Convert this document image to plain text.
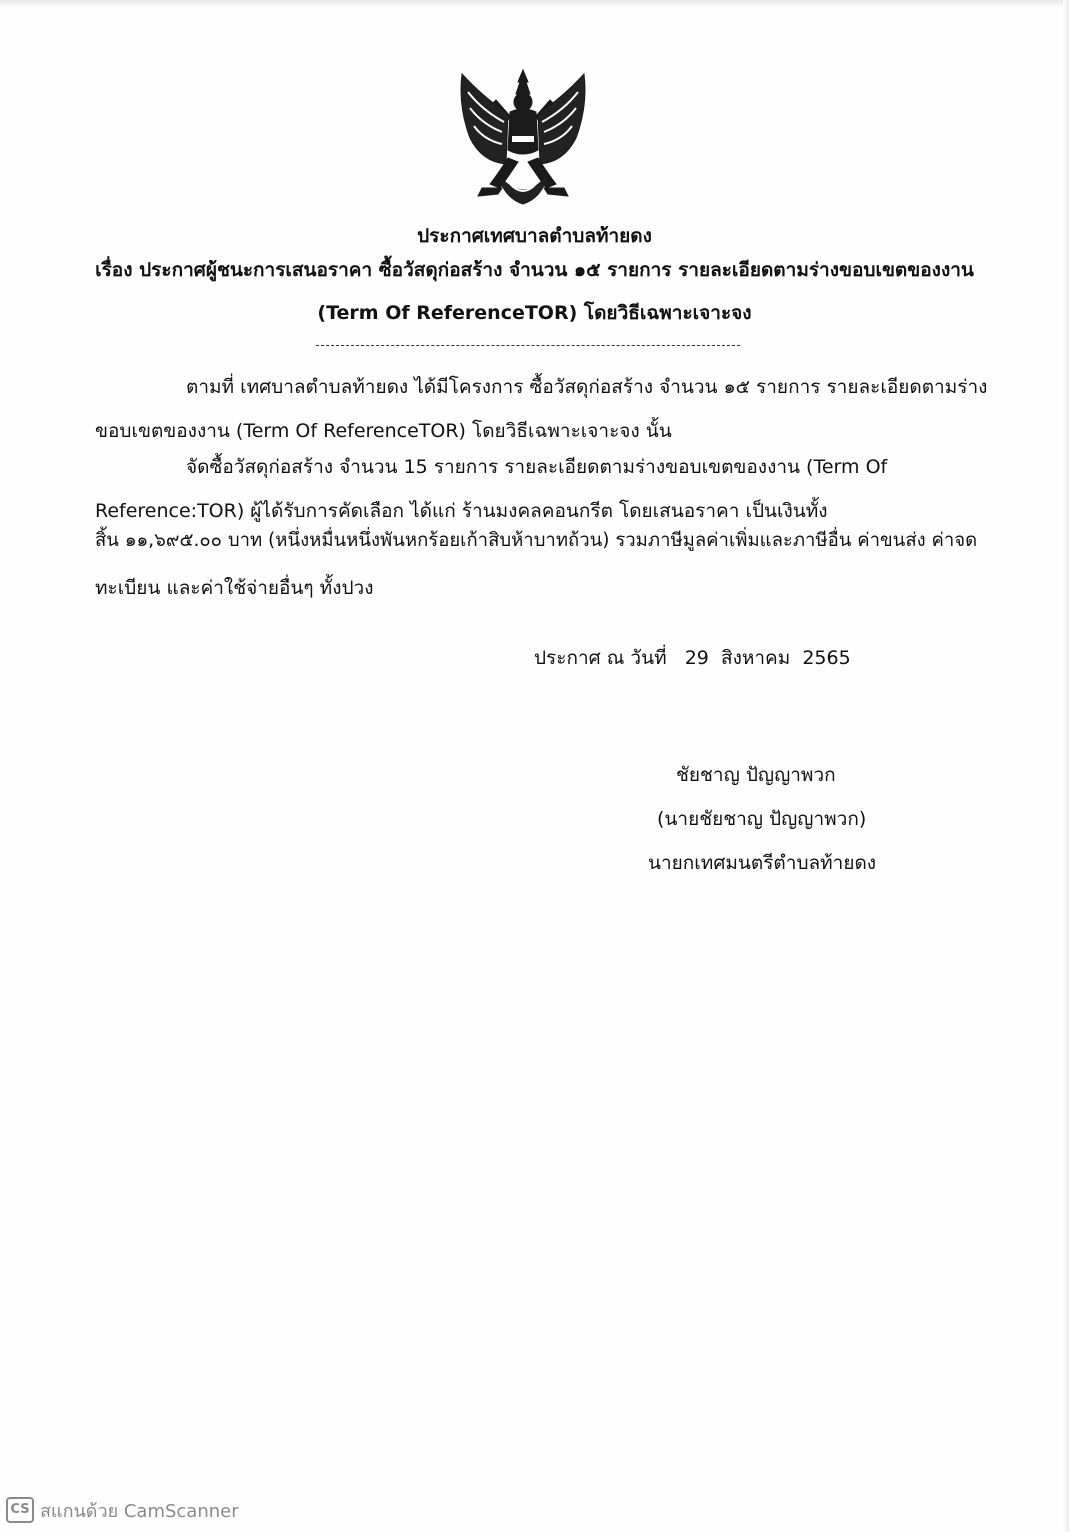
ประกาศเทศบาลตำบลท้ายดง
เรื่อง ประกาศผู้ชนะการเสนอราคา ซื้อวัสดุก่อสร้าง จำนวน ๑๕ รายการ รายละเอียดตามร่างขอบเขตของงาน
(Term Of ReferenceTOR) โดยวิธีเฉพาะเจาะจง
ตามที่ เทศบาลตำบลท้ายดง ได้มีโครงการ ซื้อวัสดุก่อสร้าง จำนวน ๑๕ รายการ รายละเอียดตามร่าง
ขอบเขตของงาน (Term Of ReferenceTOR) โดยวิธีเฉพาะเจาะจง นั้น
จัดซื้อวัสดุก่อสร้าง จำนวน 15 รายการ รายละเอียดตามร่างขอบเขตของงาน (Term Of
Reference:TOR) ผู้ได้รับการคัดเลือก ได้แก่ ร้านมงคลคอนกรีต โดยเสนอราคา เป็นเงินทั้ง
สิ้น ๑๑,๖๙๕.๐๐ บาท (หนึ่งหมื่นหนึ่งพันหกร้อยเก้าสิบห้าบาทถ้วน) รวมภาษีมูลค่าเพิ่มและภาษีอื่น ค่าขนส่ง ค่าจด
ทะเบียน และค่าใช้จ่ายอื่นๆ ทั้งปวง
ประกาศ ณ วันที่   29  สิงหาคม  2565
ชัยชาญ ปัญญาพวก
(นายชัยชาญ ปัญญาพวก)
นายกเทศมนตรีตำบลท้ายดง
CS สแกนด้วย CamScanner
